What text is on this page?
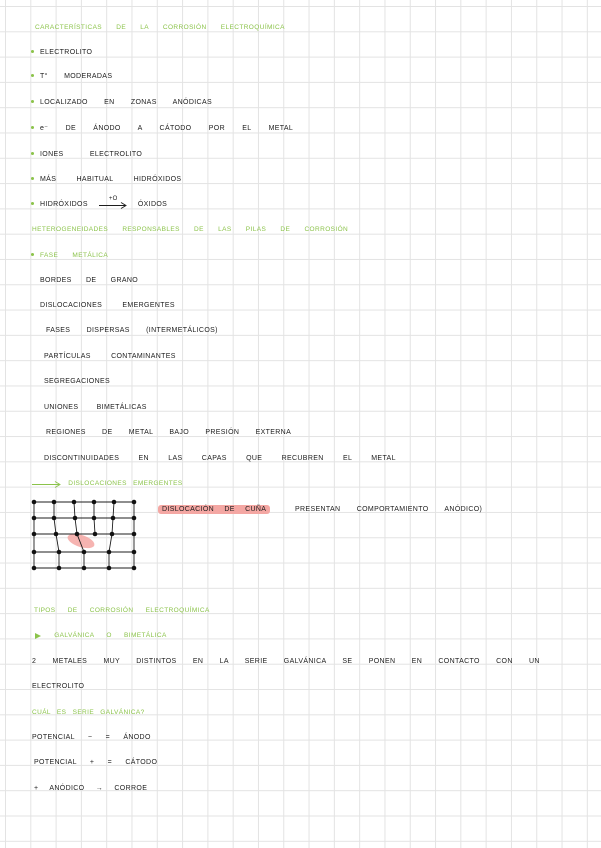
CARACTERÍSTICAS DE LA CORROSIÓN ELECTROQUÍMICA
ELECTROLITO
T° MODERADAS
LOCALIZADO EN ZONAS ANÓDICAS
e⁻ DE ÁNODO A CÁTODO POR EL METAL
IONES ELECTROLITO
MÁS HABITUAL HIDRÓXIDOS
HIDRÓXIDOS
+O
ÓXIDOS
HETEROGENEIDADES RESPONSABLES DE LAS PILAS DE CORROSIÓN
FASE METÁLICA
BORDES DE GRANO
DISLOCACIONES EMERGENTES
FASES DISPERSAS (INTERMETÁLICOS)
PARTÍCULAS CONTAMINANTES
SEGREGACIONES
UNIONES BIMETÁLICAS
REGIONES DE METAL BAJO PRESIÓN EXTERNA
DISCONTINUIDADES EN LAS CAPAS QUE RECUBREN EL METAL
DISLOCACIONES EMERGENTES
DISLOCACIÓN DE CUÑA	PRESENTAN COMPORTAMIENTO ANÓDICO)
TIPOS DE CORROSIÓN ELECTROQUÍMICA
GALVÁNICA O BIMETÁLICA
2 METALES MUY DISTINTOS EN LA SERIE GALVÁNICA SE PONEN EN CONTACTO CON UN
ELECTROLITO
CUÁL ES SERIE GALVÁNICA?
POTENCIAL − = ÁNODO
POTENCIAL + = CÁTODO
+ ANÓDICO → CORROE
